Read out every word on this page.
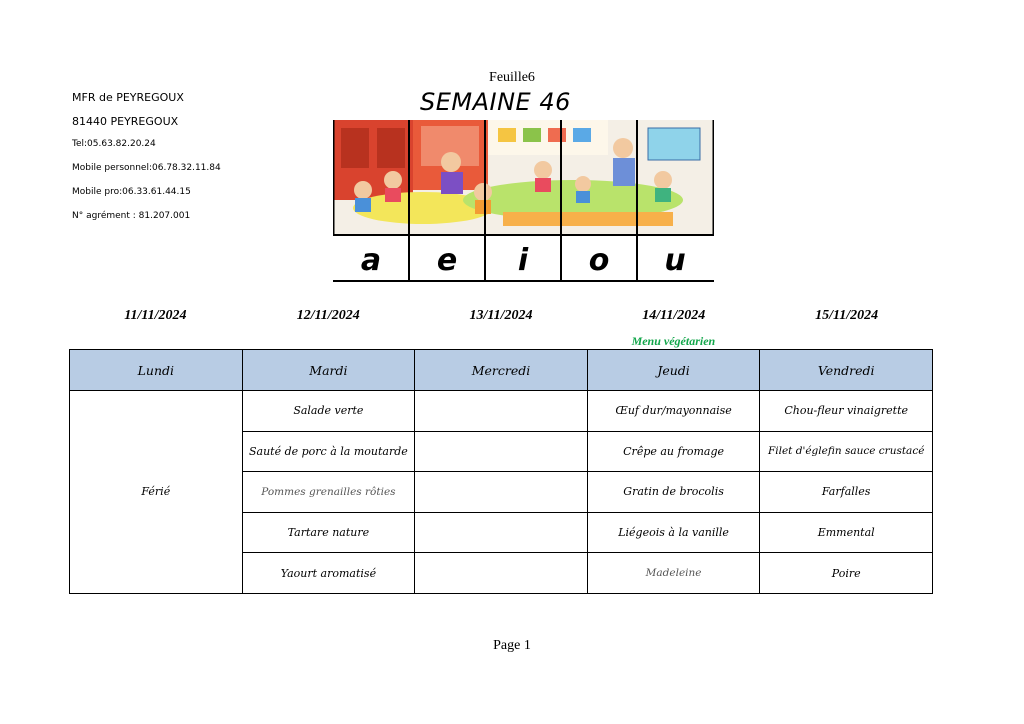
Feuille6
SEMAINE 46
MFR de PEYREGOUX
81440 PEYREGOUX
Tel:05.63.82.20.24
Mobile personnel:06.78.32.11.84
Mobile pro:06.33.61.44.15
N° agrément : 81.207.001
a e i o u
11/11/2024	12/11/2024	13/11/2024	14/11/2024	15/11/2024
Menu végétarien
Lundi	Mardi	Mercredi	Jeudi	Vendredi
Férié	Salade verte		Œuf dur/mayonnaise	Chou-fleur vinaigrette
	Sauté de porc à la moutarde		Crêpe au fromage	Filet d'églefin sauce crustacé
	Pommes grenailles rôties		Gratin de brocolis	Farfalles
	Tartare nature		Liégeois à la vanille	Emmental
	Yaourt aromatisé		Madeleine	Poire
Page 1
